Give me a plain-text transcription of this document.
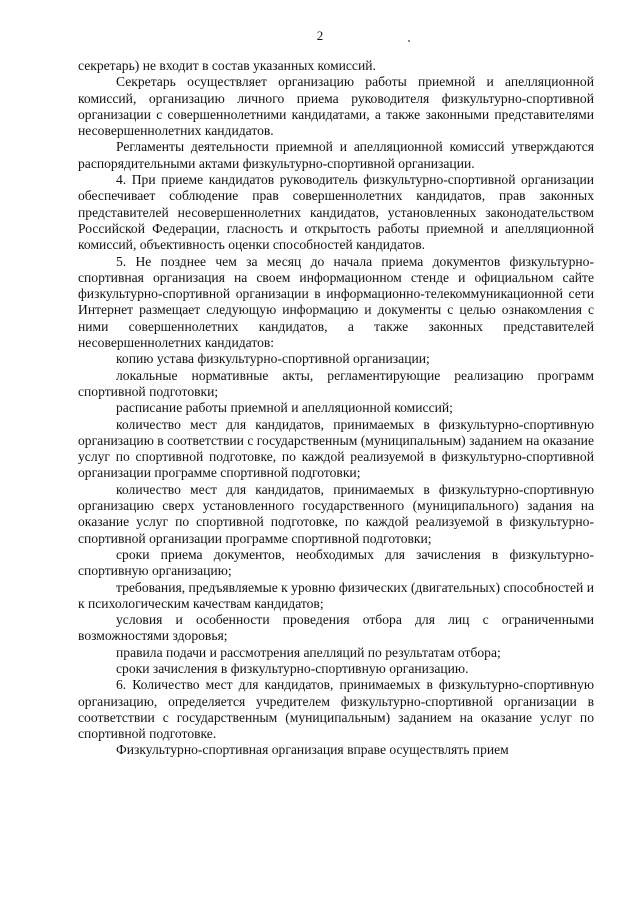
2

секретарь) не входит в состав указанных комиссий.

Секретарь осуществляет организацию работы приемной и апелляционной комиссий, организацию личного приема руководителя физкультурно-спортивной организации с совершеннолетними кандидатами, а также законными представителями несовершеннолетних кандидатов.

Регламенты деятельности приемной и апелляционной комиссий утверждаются распорядительными актами физкультурно-спортивной организации.

4. При приеме кандидатов руководитель физкультурно-спортивной организации обеспечивает соблюдение прав совершеннолетних кандидатов, прав законных представителей несовершеннолетних кандидатов, установленных законодательством Российской Федерации, гласность и открытость работы приемной и апелляционной комиссий, объективность оценки способностей кандидатов.

5. Не позднее чем за месяц до начала приема документов физкультурно-спортивная организация на своем информационном стенде и официальном сайте физкультурно-спортивной организации в информационно-телекоммуникационной сети Интернет размещает следующую информацию и документы с целью ознакомления с ними совершеннолетних кандидатов, а также законных представителей несовершеннолетних кандидатов:

копию устава физкультурно-спортивной организации;

локальные нормативные акты, регламентирующие реализацию программ спортивной подготовки;

расписание работы приемной и апелляционной комиссий;

количество мест для кандидатов, принимаемых в физкультурно-спортивную организацию в соответствии с государственным (муниципальным) заданием на оказание услуг по спортивной подготовке, по каждой реализуемой в физкультурно-спортивной организации программе спортивной подготовки;

количество мест для кандидатов, принимаемых в физкультурно-спортивную организацию сверх установленного государственного (муниципального) задания на оказание услуг по спортивной подготовке, по каждой реализуемой в физкультурно-спортивной организации программе спортивной подготовки;

сроки приема документов, необходимых для зачисления в физкультурно-спортивную организацию;

требования, предъявляемые к уровню физических (двигательных) способностей и к психологическим качествам кандидатов;

условия и особенности проведения отбора для лиц с ограниченными возможностями здоровья;

правила подачи и рассмотрения апелляций по результатам отбора;

сроки зачисления в физкультурно-спортивную организацию.

6. Количество мест для кандидатов, принимаемых в физкультурно-спортивную организацию, определяется учредителем физкультурно-спортивной организации в соответствии с государственным (муниципальным) заданием на оказание услуг по спортивной подготовке.

Физкультурно-спортивная организация вправе осуществлять прием
